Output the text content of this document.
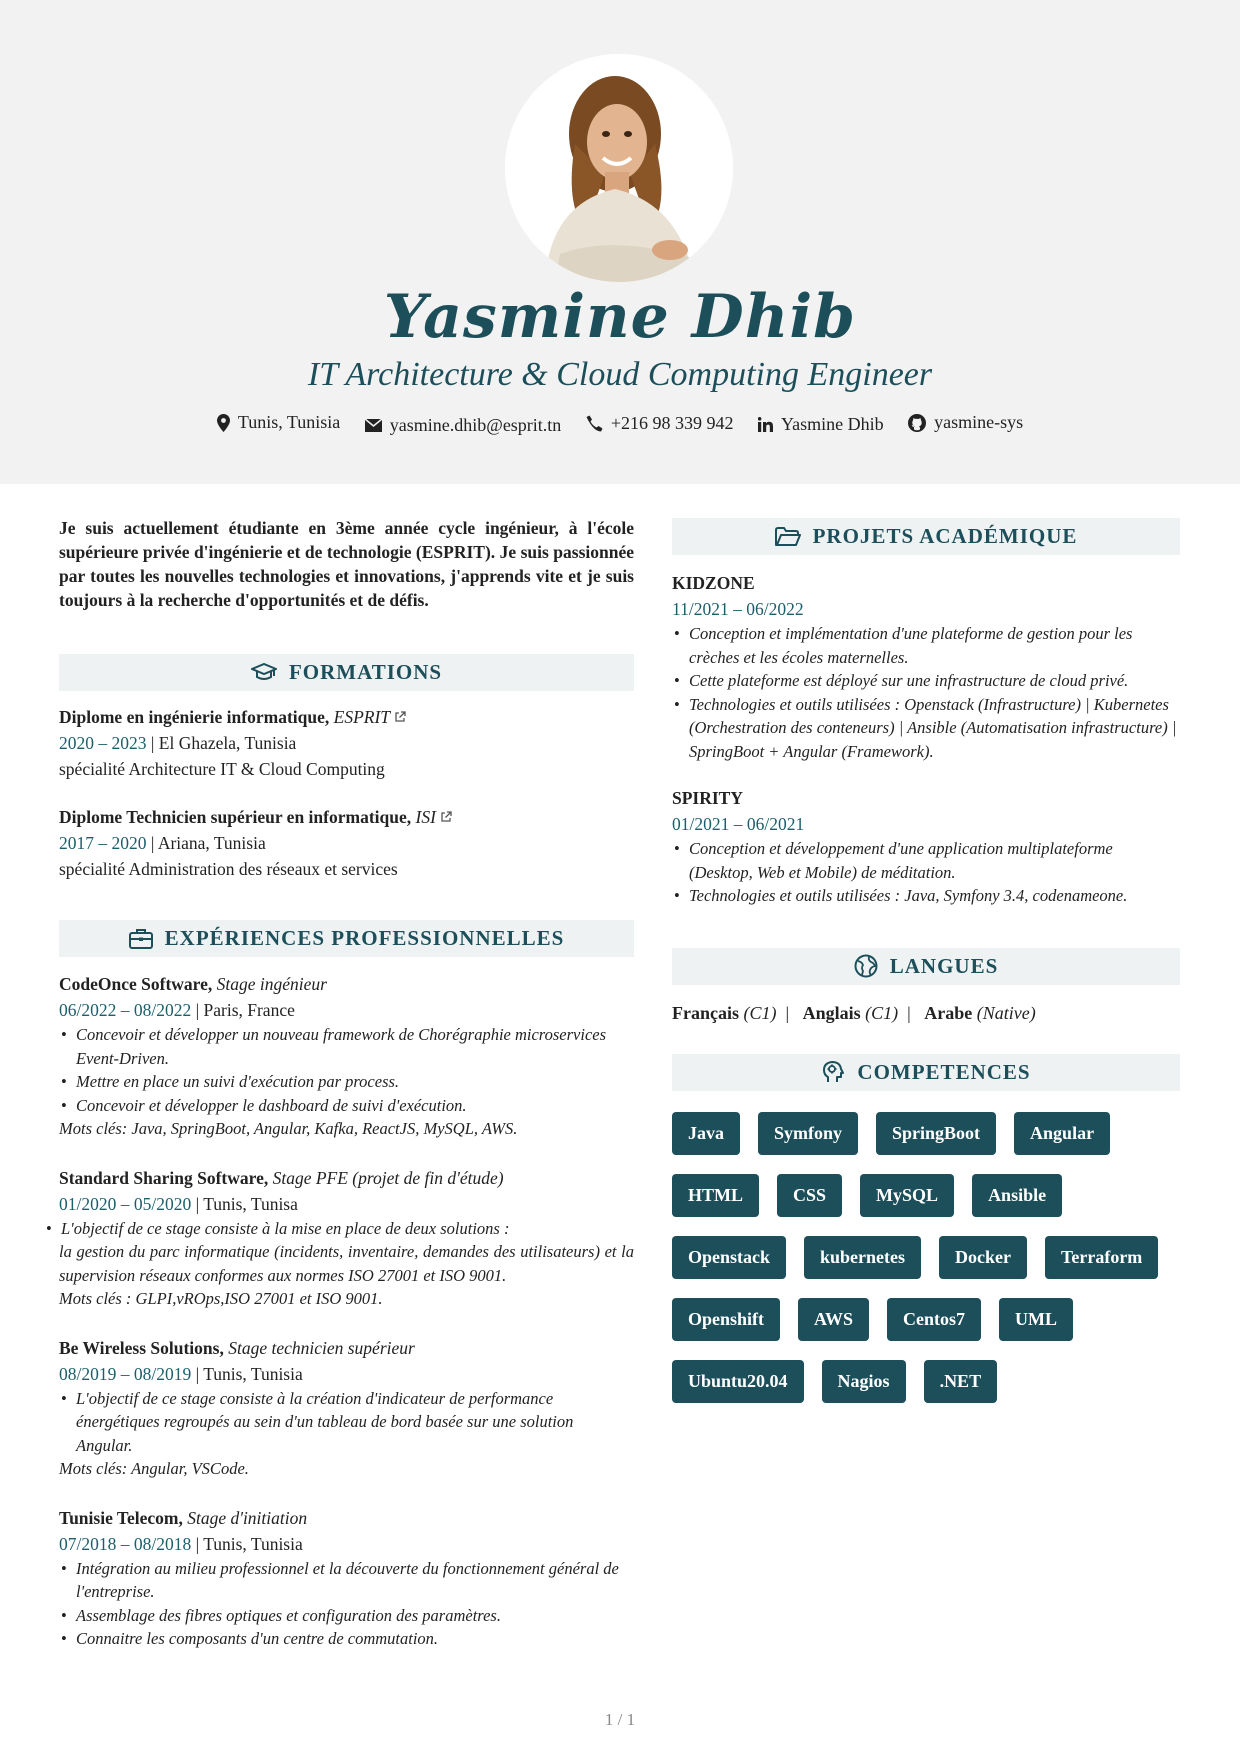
Yasmine Dhib
IT Architecture & Cloud Computing Engineer
Tunis, Tunisia
	yasmine.dhib@esprit.tn
	+216 98 339 942
	Yasmine Dhib
	yasmine-sys

Je suis actuellement étudiante en 3ème année cycle ingénieur, à l'école supérieure privée d'ingénierie et de technologie (ESPRIT). Je suis passionnée par toutes les nouvelles technologies et innovations, j'apprends vite et je suis toujours à la recherche d'opportunités et de défis.

FORMATIONS
Diplome en ingénierie informatique, ESPRIT
2020 – 2023 | El Ghazela, Tunisia
spécialité Architecture IT & Cloud Computing
Diplome Technicien supérieur en informatique, ISI
2017 – 2020 | Ariana, Tunisia
spécialité Administration des réseaux et services
EXPÉRIENCES PROFESSIONNELLES
CodeOnce Software, Stage ingénieur
06/2022 – 08/2022 | Paris, France
• Concevoir et développer un nouveau framework de Chorégraphie microservices Event-Driven.
• Mettre en place un suivi d'exécution par process.
• Concevoir et développer le dashboard de suivi d'exécution.
Mots clés: Java, SpringBoot, Angular, Kafka, ReactJS, MySQL, AWS.
Standard Sharing Software, Stage PFE (projet de fin d'étude)
01/2020 – 05/2020 | Tunis, Tunisa
• L'objectif de ce stage consiste à la mise en place de deux solutions :
la gestion du parc informatique (incidents, inventaire, demandes des utilisateurs) et la supervision réseaux conformes aux normes ISO 27001 et ISO 9001.
Mots clés : GLPI,vROps,ISO 27001 et ISO 9001.
Be Wireless Solutions, Stage technicien supérieur
08/2019 – 08/2019 | Tunis, Tunisia
• L'objectif de ce stage consiste à la création d'indicateur de performance énergétiques regroupés au sein d'un tableau de bord basée sur une solution Angular.
Mots clés: Angular, VSCode.
Tunisie Telecom, Stage d'initiation
07/2018 – 08/2018 | Tunis, Tunisia
• Intégration au milieu professionnel et la découverte du fonctionnement général de l'entreprise.
• Assemblage des fibres optiques et configuration des paramètres.
• Connaitre les composants d'un centre de commutation.
PROJETS ACADÉMIQUE
KIDZONE
11/2021 – 06/2022
• Conception et implémentation d'une plateforme de gestion pour les crèches et les écoles maternelles.
• Cette plateforme est déployé sur une infrastructure de cloud privé.
• Technologies et outils utilisées : Openstack (Infrastructure) | Kubernetes (Orchestration des conteneurs) | Ansible (Automatisation infrastructure) | SpringBoot + Angular (Framework).
SPIRITY
01/2021 – 06/2021
• Conception et développement d'une application multiplateforme (Desktop, Web et Mobile) de méditation.
• Technologies et outils utilisées : Java, Symfony 3.4, codenameone.
LANGUES
Français (C1)  |   Anglais (C1)  |   Arabe (Native)
COMPETENCES
Java	Symfony	SpringBoot	Angular
HTML	CSS	MySQL	Ansible
Openstack	kubernetes	Docker	Terraform
Openshift	AWS	Centos7	UML
Ubuntu20.04	Nagios	.NET
1 / 1
